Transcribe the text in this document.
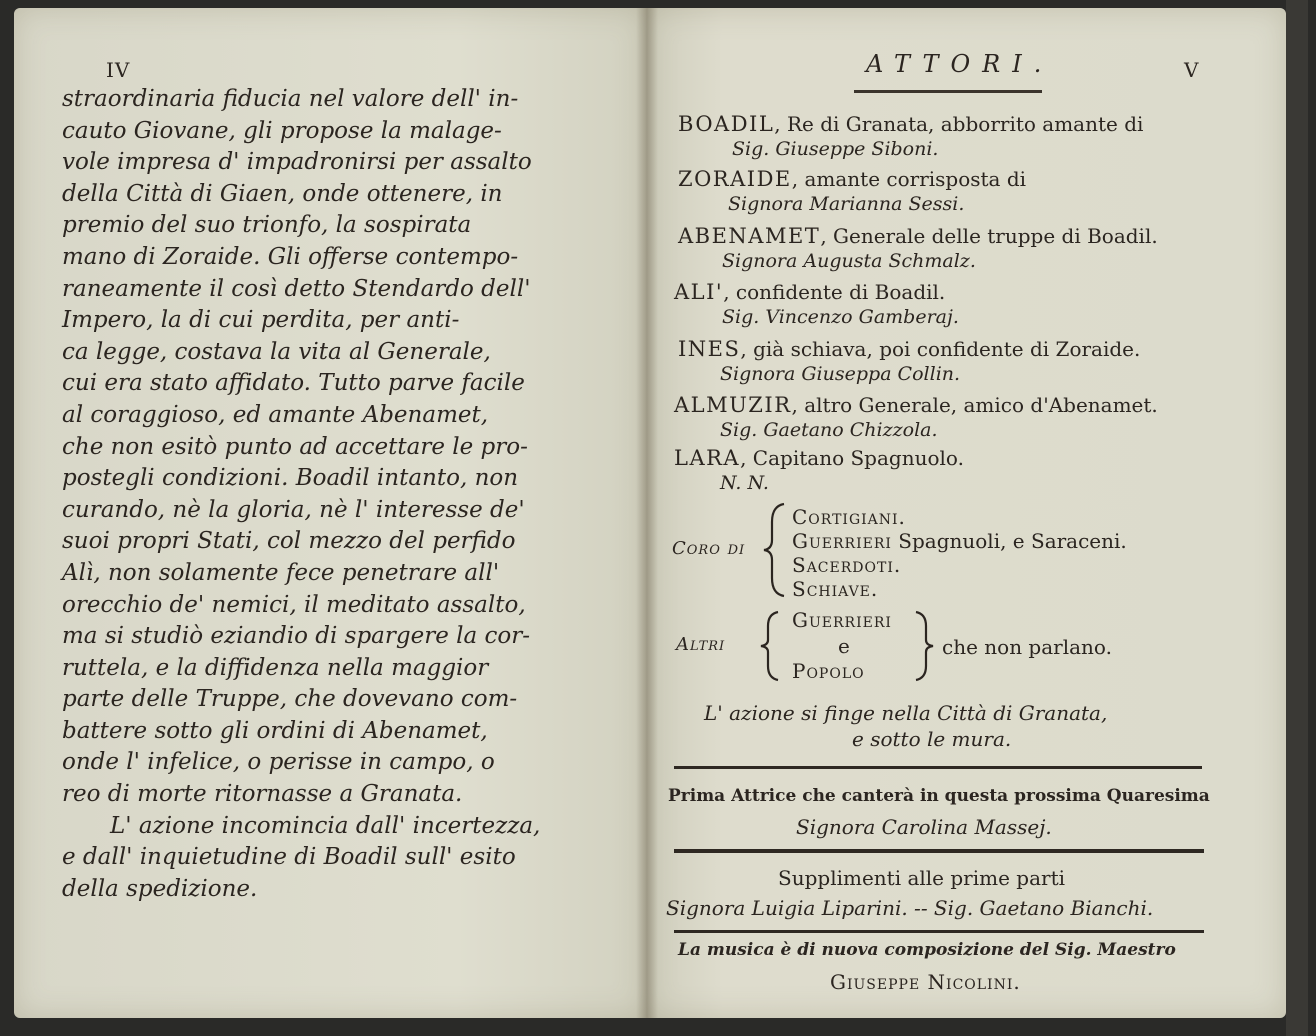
IV
straordinaria fiducia nel valore dell' in-
cauto Giovane, gli propose la malage-
vole impresa d' impadronirsi per assalto
della Città di Giaen, onde ottenere, in
premio del suo trionfo, la sospirata
mano di Zoraide. Gli offerse contempo-
raneamente il così detto Stendardo dell'
Impero, la di cui perdita, per anti-
ca legge, costava la vita al Generale,
cui era stato affidato. Tutto parve facile
al coraggioso, ed amante Abenamet,
che non esitò punto ad accettare le pro-
postegli condizioni. Boadil intanto, non
curando, nè la gloria, nè l' interesse de'
suoi propri Stati, col mezzo del perfido
Alì, non solamente fece penetrare all'
orecchio de' nemici, il meditato assalto,
ma si studiò eziandio di spargere la cor-
ruttela, e la diffidenza nella maggior
parte delle Truppe, che dovevano com-
battere sotto gli ordini di Abenamet,
onde l' infelice, o perisse in campo, o
reo di morte ritornasse a Granata.
L' azione incomincia dall' incertezza,
e dall' inquietudine di Boadil sull' esito
della spedizione.
V
ATTORI.
BOADIL, Re di Granata, abborrito amante di
Sig. Giuseppe Siboni.
ZORAIDE, amante corrisposta di
Signora Marianna Sessi.
ABENAMET, Generale delle truppe di Boadil.
Signora Augusta Schmalz.
ALI', confidente di Boadil.
Sig. Vincenzo Gamberaj.
INES, già schiava, poi confidente di Zoraide.
Signora Giuseppa Collin.
ALMUZIR, altro Generale, amico d'Abenamet.
Sig. Gaetano Chizzola.
LARA, Capitano Spagnuolo.
N. N.
Coro di
Cortigiani.
Guerrieri Spagnuoli, e Saraceni.
Sacerdoti.
Schiave.
Altri
Guerrieri
e
Popolo
che non parlano.
L' azione si finge nella Città di Granata,
e sotto le mura.
Prima Attrice che canterà in questa prossima Quaresima
Signora Carolina Massej.
Supplimenti alle prime parti
Signora Luigia Liparini. -- Sig. Gaetano Bianchi.
La musica è di nuova composizione del Sig. Maestro
Giuseppe Nicolini.
